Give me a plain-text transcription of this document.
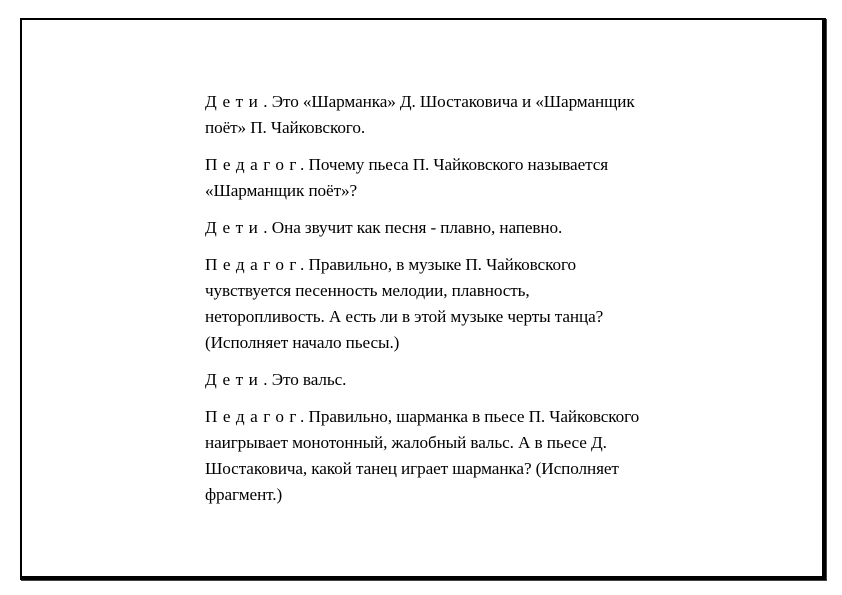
Дети. Это «Шарманка» Д. Шостаковича и «Шарманщик
поёт» П. Чайковского.

Педагог. Почему пьеса П. Чайковского называется
«Шарманщик поёт»?

Дети. Она звучит как песня - плавно, напевно.

Педагог. Правильно, в музыке П. Чайковского
чувствуется песенность мелодии, плавность,
неторопливость. А есть ли в этой музыке черты танца?
(Исполняет начало пьесы.)

Дети. Это вальс.

Педагог. Правильно, шарманка в пьесе П. Чайковского
наигрывает монотонный, жалобный вальс. А в пьесе Д.
Шостаковича, какой танец играет шарманка? (Исполняет
фрагмент.)
